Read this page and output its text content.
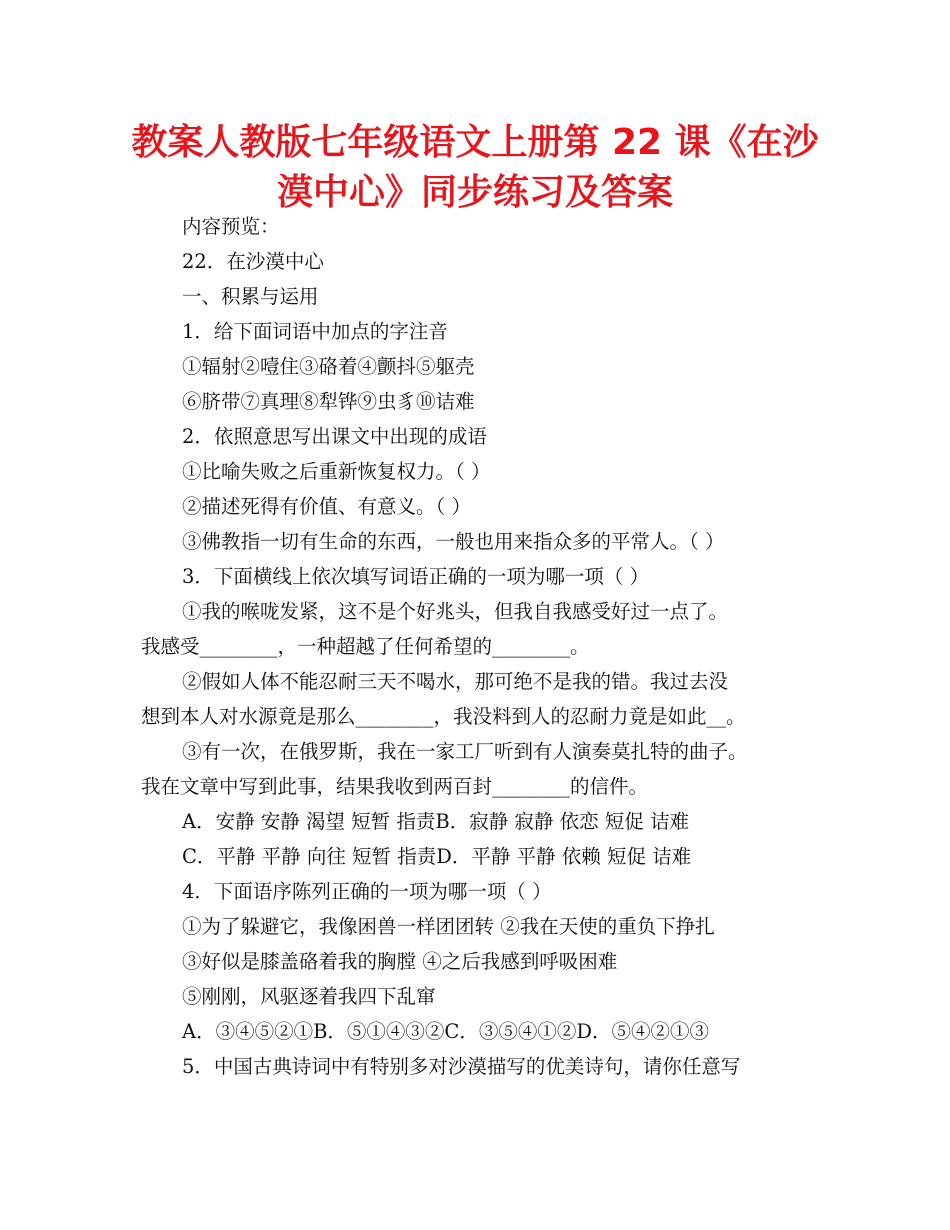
教案人教版七年级语文上册第 22 课《在沙
漠中心》同步练习及答案
内容预览：
22．在沙漠中心
一、积累与运用
1．给下面词语中加点的字注音
①辐射②噎住③硌着④颤抖⑤躯壳
⑥脐带⑦真理⑧犁铧⑨虫豸⑩诘难
2．依照意思写出课文中出现的成语
①比喻失败之后重新恢复权力。（ ）
②描述死得有价值、有意义。（ ）
③佛教指一切有生命的东西，一般也用来指众多的平常人。（ ）
3．下面横线上依次填写词语正确的一项为哪一项（ ）
①我的喉咙发紧，这不是个好兆头，但我自我感受好过一点了。
我感受________，一种超越了任何希望的________。
②假如人体不能忍耐三天不喝水，那可绝不是我的错。我过去没
想到本人对水源竟是那么________，我没料到人的忍耐力竟是如此__。
③有一次，在俄罗斯，我在一家工厂听到有人演奏莫扎特的曲子。
我在文章中写到此事，结果我收到两百封________的信件。
A．安静 安静 渴望 短暂 指责B．寂静 寂静 依恋 短促 诘难
C．平静 平静 向往 短暂 指责D．平静 平静 依赖 短促 诘难
4．下面语序陈列正确的一项为哪一项（ ）
①为了躲避它，我像困兽一样团团转 ②我在天使的重负下挣扎
③好似是膝盖硌着我的胸膛 ④之后我感到呼吸困难
⑤刚刚，风驱逐着我四下乱窜
A．③④⑤②①B．⑤①④③②C．③⑤④①②D．⑤④②①③
5．中国古典诗词中有特别多对沙漠描写的优美诗句，请你任意写
